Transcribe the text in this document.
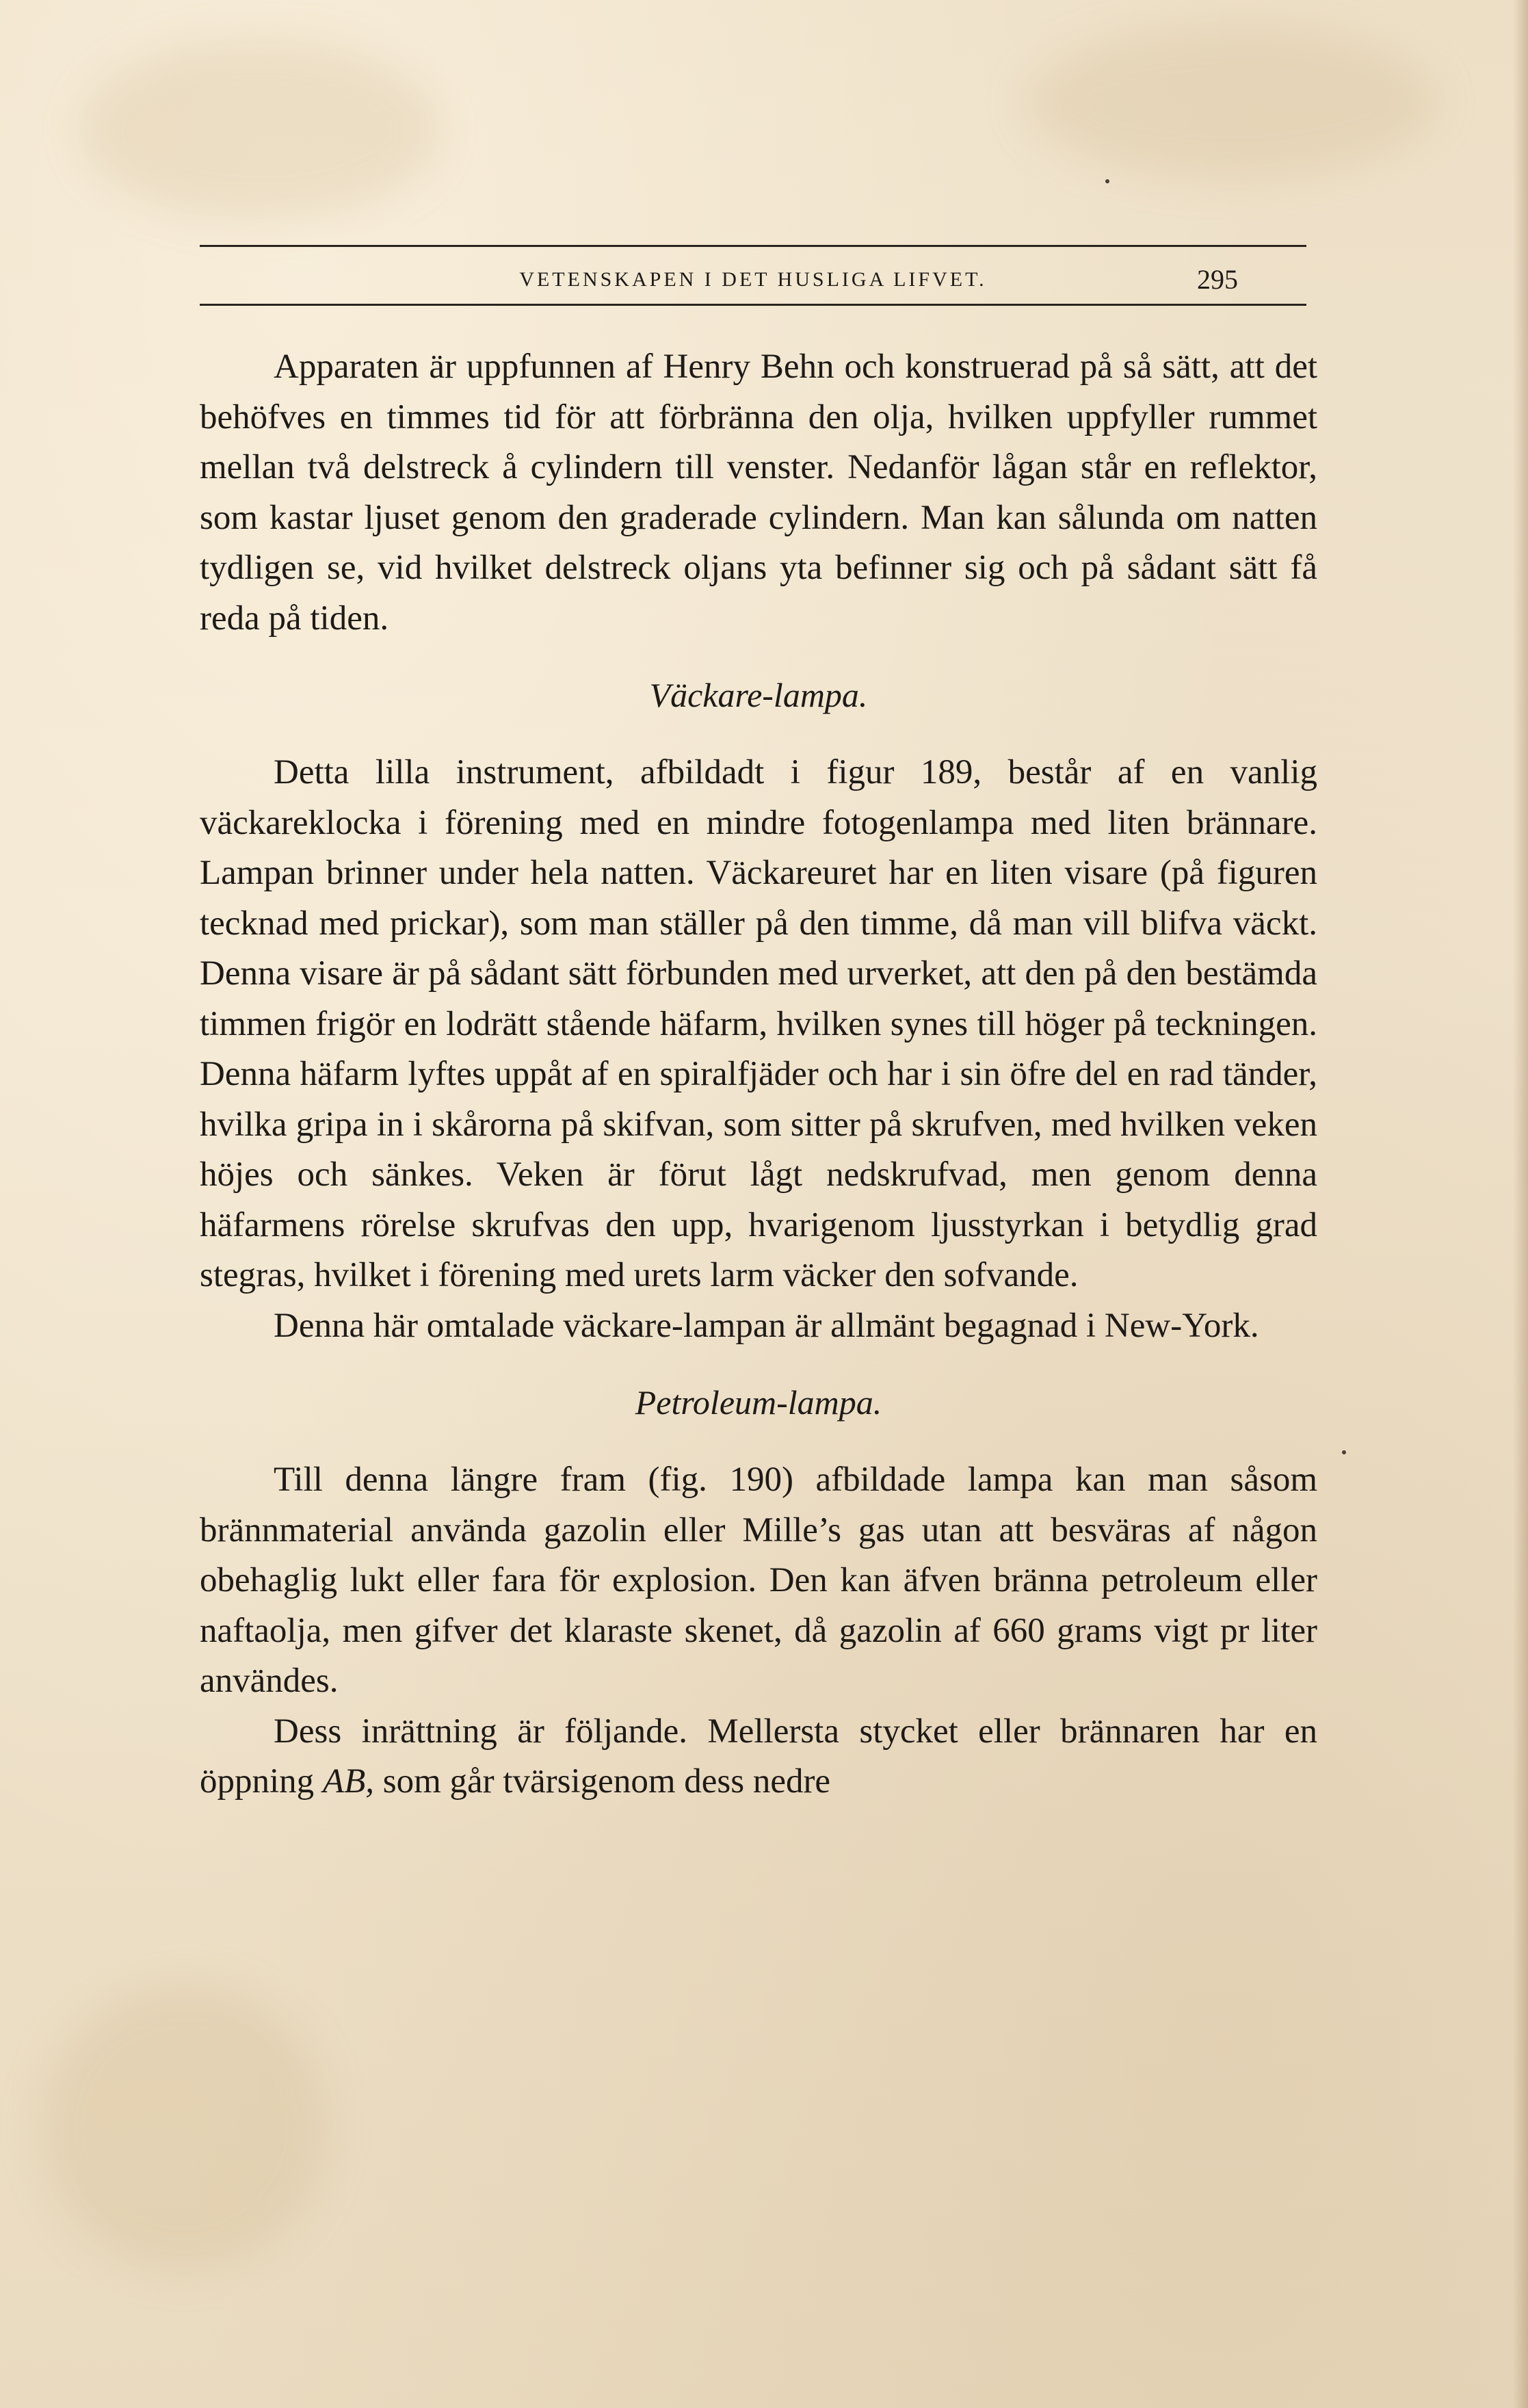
VETENSKAPEN I DET HUSLIGA LIFVET.	295

Apparaten är uppfunnen af Henry Behn och konstruerad på så sätt, att det behöfves en timmes tid för att förbränna den olja, hvilken uppfyller rummet mellan två delstreck å cylindern till venster. Nedanför lågan står en reflektor, som kastar ljuset genom den graderade cylindern. Man kan sålunda om natten tydligen se, vid hvilket delstreck oljans yta befinner sig och på sådant sätt få reda på tiden.

Väckare-lampa.

Detta lilla instrument, afbildadt i figur 189, består af en vanlig väckareklocka i förening med en mindre fotogenlampa med liten brännare. Lampan brinner under hela natten. Väckareuret har en liten visare (på figuren tecknad med prickar), som man ställer på den timme, då man vill blifva väckt. Denna visare är på sådant sätt förbunden med urverket, att den på den bestämda timmen frigör en lodrätt stående häfarm, hvilken synes till höger på teckningen. Denna häfarm lyftes uppåt af en spiralfjäder och har i sin öfre del en rad tänder, hvilka gripa in i skårorna på skifvan, som sitter på skrufven, med hvilken veken höjes och sänkes. Veken är förut lågt nedskrufvad, men genom denna häfarmens rörelse skrufvas den upp, hvarigenom ljusstyrkan i betydlig grad stegras, hvilket i förening med urets larm väcker den sofvande.

Denna här omtalade väckare-lampan är allmänt begagnad i New-York.

Petroleum-lampa.

Till denna längre fram (fig. 190) afbildade lampa kan man såsom brännmaterial använda gazolin eller Mille’s gas utan att besväras af någon obehaglig lukt eller fara för explosion. Den kan äfven bränna petroleum eller naftaolja, men gifver det klaraste skenet, då gazolin af 660 grams vigt pr liter användes.

Dess inrättning är följande. Mellersta stycket eller brännaren har en öppning AB, som går tvärsigenom dess nedre
